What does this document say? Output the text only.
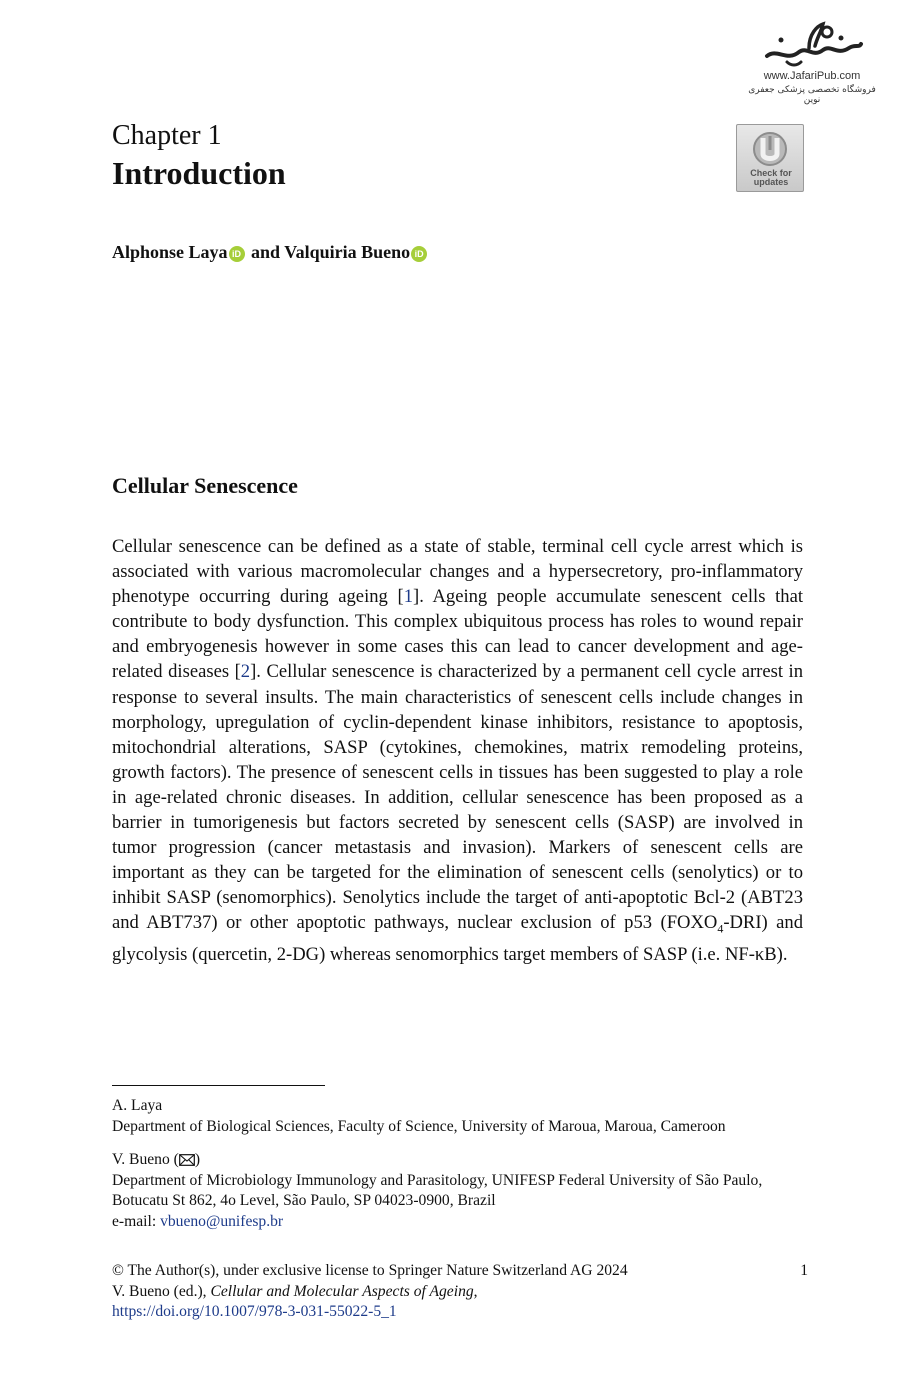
www.JafariPub.com
فروشگاه تخصصی پزشکی جعفری نوین
Chapter 1
Introduction	Check for updates
Alphonse Laya iD and Valquiria Bueno iD
Cellular Senescence
Cellular senescence can be defined as a state of stable, terminal cell cycle arrest which is associated with various macromolecular changes and a hypersecretory, pro-inflammatory phenotype occurring during ageing [1]. Ageing people accumulate senescent cells that contribute to body dysfunction. This complex ubiquitous process has roles to wound repair and embryogenesis however in some cases this can lead to cancer development and age-related diseases [2]. Cellular senescence is characterized by a permanent cell cycle arrest in response to several insults. The main characteristics of senescent cells include changes in morphology, upregulation of cyclin-dependent kinase inhibitors, resistance to apoptosis, mitochondrial alterations, SASP (cytokines, chemokines, matrix remodeling proteins, growth factors). The presence of senescent cells in tissues has been suggested to play a role in age-related chronic diseases. In addition, cellular senescence has been proposed as a barrier in tumorigenesis but factors secreted by senescent cells (SASP) are involved in tumor progression (cancer metastasis and invasion). Markers of senescent cells are important as they can be targeted for the elimination of senescent cells (senolytics) or to inhibit SASP (senomorphics). Senolytics include the target of anti-apoptotic Bcl-2 (ABT23 and ABT737) or other apoptotic pathways, nuclear exclusion of p53 $(FOXO_4-DRI)$ and glycolysis (quercetin, 2-DG) whereas senomorphics target members of SASP (i.e. NF-κB).
A. Laya
Department of Biological Sciences, Faculty of Science, University of Maroua, Maroua, Cameroon
V. Bueno ( )
Department of Microbiology Immunology and Parasitology, UNIFESP Federal University of São Paulo, Botucatu St 862, 4o Level, São Paulo, SP 04023-0900, Brazil
e-mail: vbueno@unifesp.br
© The Author(s), under exclusive license to Springer Nature Switzerland AG 2024	1
V. Bueno (ed.), Cellular and Molecular Aspects of Ageing,
https://doi.org/10.1007/978-3-031-55022-5_1
